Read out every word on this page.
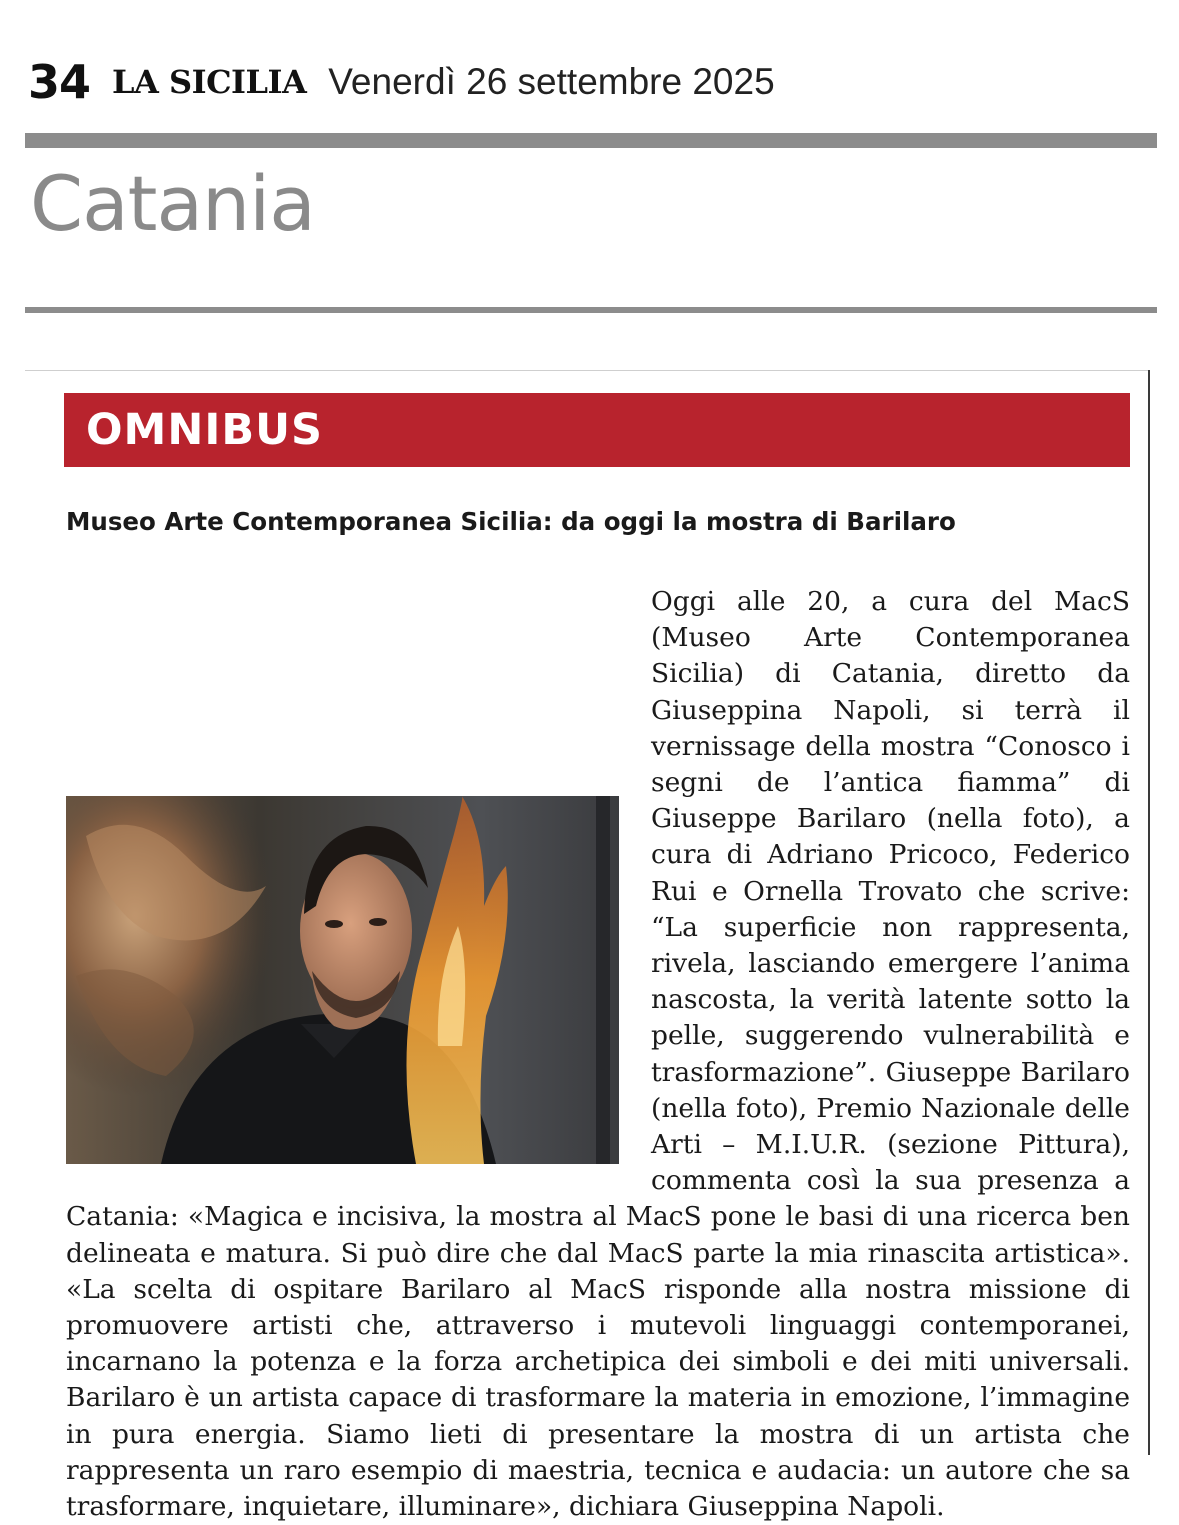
34 LA SICILIA Venerdì 26 settembre 2025
Catania
OMNIBUS
Museo Arte Contemporanea Sicilia: da oggi la mostra di Barilaro

Oggi alle 20, a cura del MacS (Museo Arte Contemporanea Sicilia) di Catania, diretto da Giuseppina Napoli, si terrà il vernissage della mostra “Conosco i segni de l’antica fiamma” di Giuseppe Barilaro (nella foto), a cura di Adriano Pricoco, Federico Rui e Ornella Trovato che scrive: “La superficie non rappresenta, rivela, lasciando emergere l’anima nascosta, la verità latente sotto la pelle, suggerendo vulnerabilità e trasformazione”. Giuseppe Barilaro (nella foto), Premio Nazionale delle Arti – M.I.U.R. (sezione Pittura), commenta così la sua presenza a Catania: «Magica e incisiva, la mostra al MacS pone le basi di una ricerca ben delineata e matura. Si può dire che dal MacS parte la mia rinascita artistica». «La scelta di ospitare Barilaro al MacS risponde alla nostra missione di promuovere artisti che, attraverso i mutevoli linguaggi contemporanei, incarnano la potenza e la forza archetipica dei simboli e dei miti universali. Barilaro è un artista capace di trasformare la materia in emozione, l’immagine in pura energia. Siamo lieti di presentare la mostra di un artista che rappresenta un raro esempio di maestria, tecnica e audacia: un autore che sa trasformare, inquietare, illuminare», dichiara Giuseppina Napoli.
